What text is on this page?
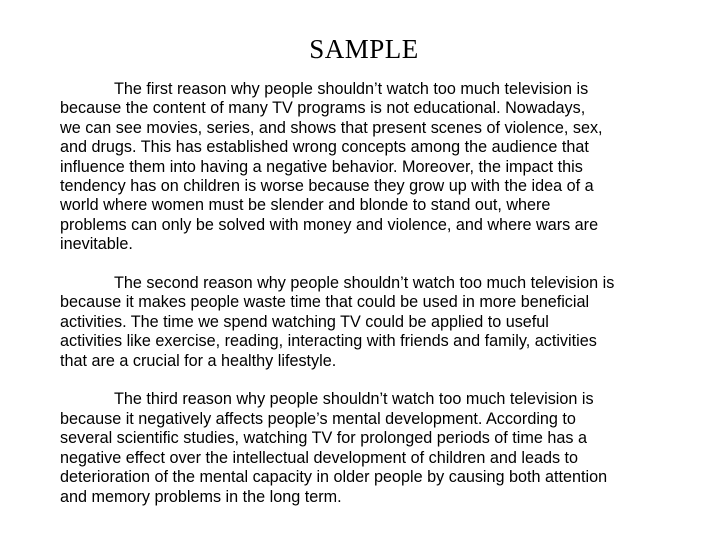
SAMPLE

The first reason why people shouldn’t watch too much television is
because the content of many TV programs is not educational. Nowadays,
we can see movies, series, and shows that present scenes of violence, sex,
and drugs. This has established wrong concepts among the audience that
influence them into having a negative behavior. Moreover, the impact this
tendency has on children is worse because they grow up with the idea of a
world where women must be slender and blonde to stand out, where
problems can only be solved with money and violence, and where wars are
inevitable.

The second reason why people shouldn’t watch too much television is
because it makes people waste time that could be used in more beneficial
activities. The time we spend watching TV could be applied to useful
activities like exercise, reading, interacting with friends and family, activities
that are a crucial for a healthy lifestyle.

The third reason why people shouldn’t watch too much television is
because it negatively affects people’s mental development. According to
several scientific studies, watching TV for prolonged periods of time has a
negative effect over the intellectual development of children and leads to
deterioration of the mental capacity in older people by causing both attention
and memory problems in the long term.
